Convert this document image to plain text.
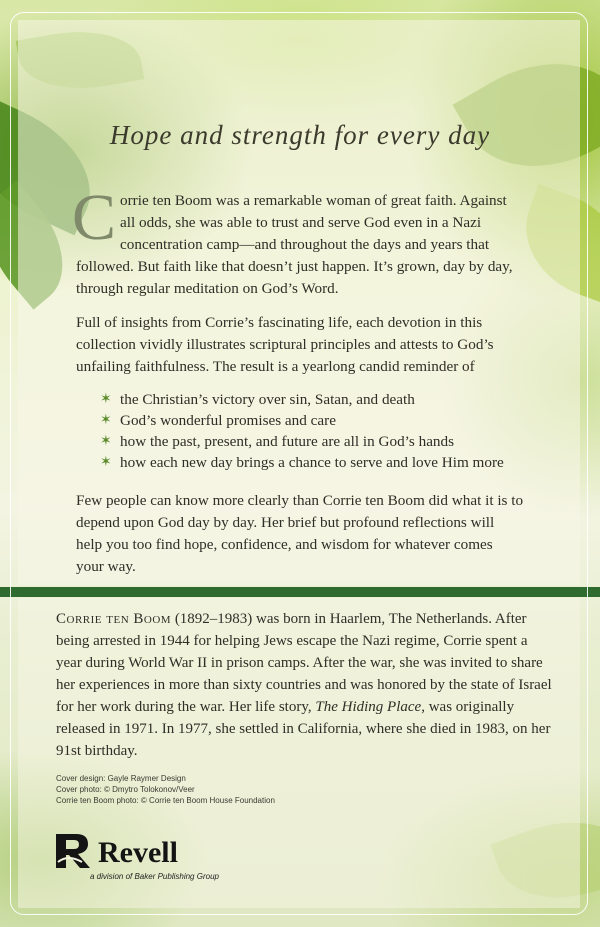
Hope and strength for every day
Corrie ten Boom was a remarkable woman of great faith. Against all odds, she was able to trust and serve God even in a Nazi concentration camp—and throughout the days and years that followed. But faith like that doesn’t just happen. It’s grown, day by day, through regular meditation on God’s Word.
Full of insights from Corrie’s fascinating life, each devotion in this collection vividly illustrates scriptural principles and attests to God’s unfailing faithfulness. The result is a yearlong candid reminder of
✶ the Christian’s victory over sin, Satan, and death
✶ God’s wonderful promises and care
✶ how the past, present, and future are all in God’s hands
✶ how each new day brings a chance to serve and love Him more
Few people can know more clearly than Corrie ten Boom did what it is to depend upon God day by day. Her brief but profound reflections will help you too find hope, confidence, and wisdom for whatever comes your way.
Corrie ten Boom (1892–1983) was born in Haarlem, The Netherlands. After being arrested in 1944 for helping Jews escape the Nazi regime, Corrie spent a year during World War II in prison camps. After the war, she was invited to share her experiences in more than sixty countries and was honored by the state of Israel for her work during the war. Her life story, The Hiding Place, was originally released in 1971. In 1977, she settled in California, where she died in 1983, on her 91st birthday.
Cover design: Gayle Raymer Design
Cover photo: © Dmytro Tolokonov/Veer
Corrie ten Boom photo: © Corrie ten Boom House Foundation
Revell
a division of Baker Publishing Group
